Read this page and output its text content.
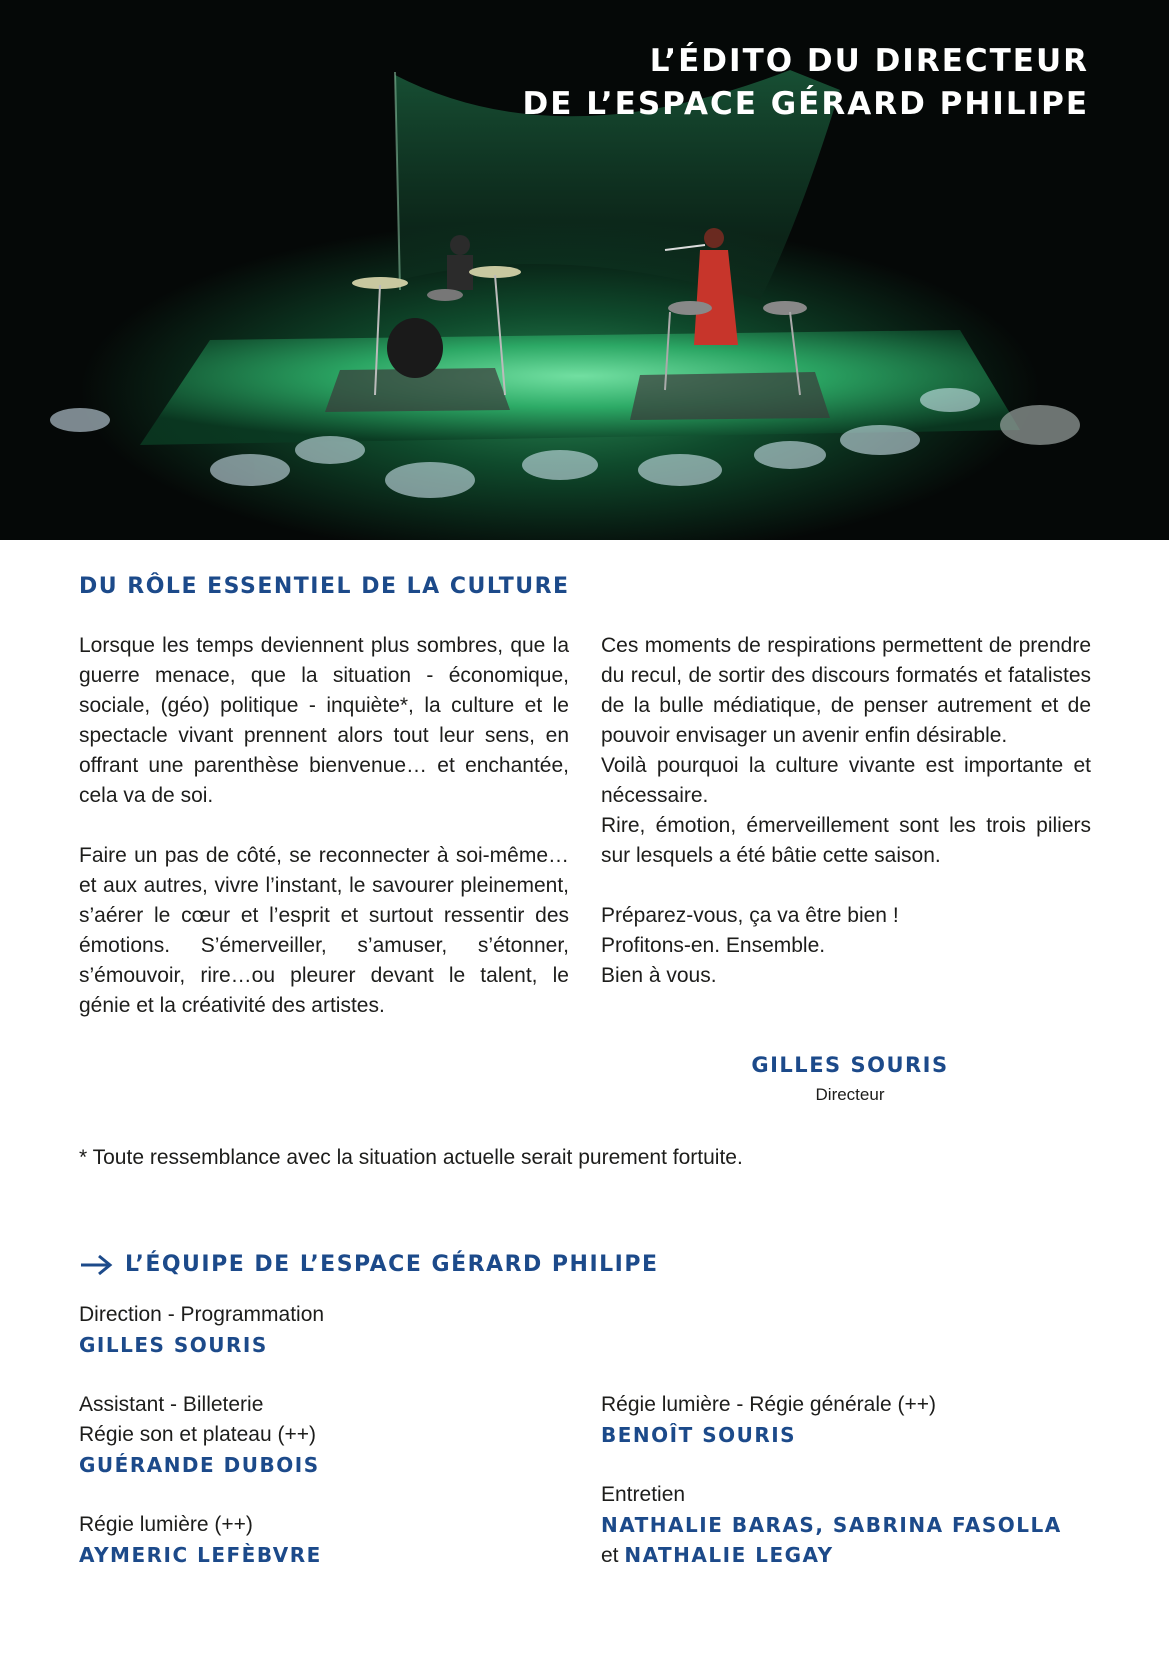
L’ÉDITO DU DIRECTEUR
DE L’ESPACE GÉRARD PHILIPE
DU RÔLE ESSENTIEL DE LA CULTURE

Lorsque les temps deviennent plus sombres, que la guerre menace, que la situation - économique, sociale, (géo) politique - inquiète*, la culture et le spectacle vivant prennent alors tout leur sens, en offrant une parenthèse bienvenue… et enchantée, cela va de soi.

Faire un pas de côté, se reconnecter à soi-même… et aux autres, vivre l’instant, le savourer pleinement, s’aérer le cœur et l’esprit et surtout ressentir des émotions. S’émerveiller, s’amuser, s’étonner, s’émouvoir, rire…ou pleurer devant le talent, le génie et la créativité des artistes.

Ces moments de respirations permettent de prendre du recul, de sortir des discours formatés et fatalistes de la bulle médiatique, de penser autrement et de pouvoir envisager un avenir enfin désirable.

Voilà pourquoi la culture vivante est importante et nécessaire.

Rire, émotion, émerveillement sont les trois piliers sur lesquels a été bâtie cette saison.

Préparez-vous, ça va être bien !

Profitons-en. Ensemble.

Bien à vous.

GILLES SOURIS
Directeur
* Toute ressemblance avec la situation actuelle serait purement fortuite.
L’ÉQUIPE DE L’ESPACE GÉRARD PHILIPE
Direction - Programmation
GILLES SOURIS
Assistant - Billeterie
Régie son et plateau (++)
GUÉRANDE DUBOIS
Régie lumière (++)
AYMERIC LEFÈBVRE
Régie lumière - Régie générale (++)
BENOÎT SOURIS
Entretien
NATHALIE BARAS, SABRINA FASOLLA
et NATHALIE LEGAY
